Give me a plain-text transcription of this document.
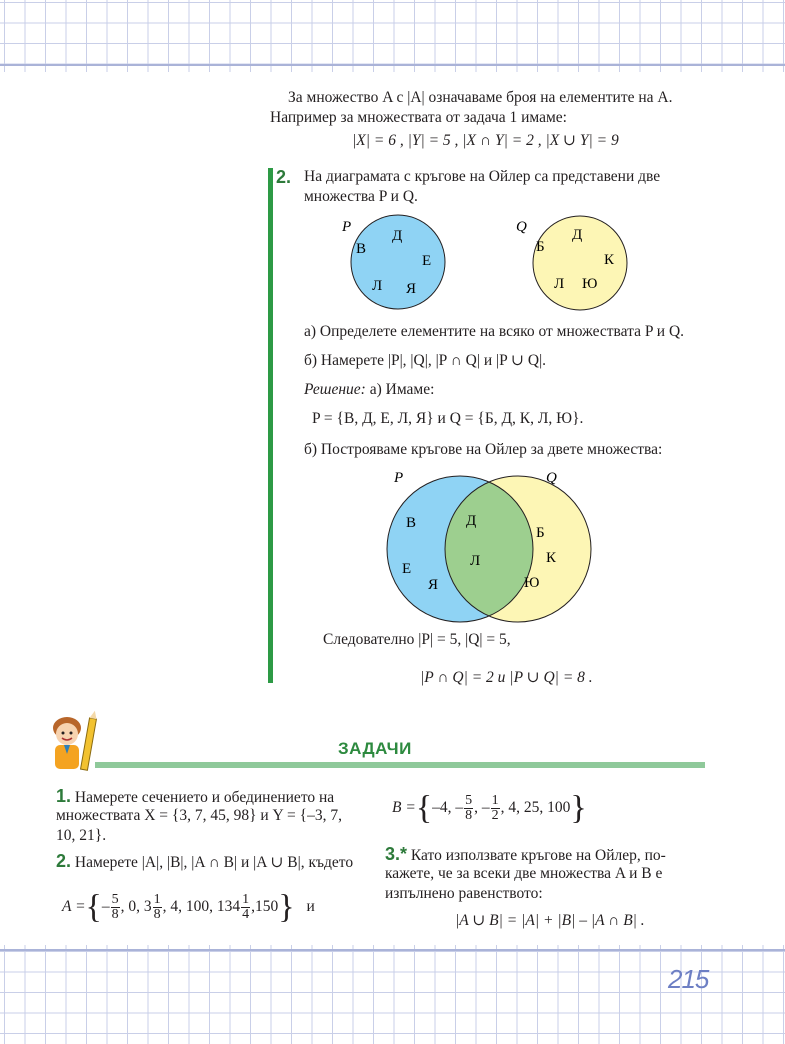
За множество A с |A| означаваме броя на елементите на A.

Например за множествата от задача 1 имаме:

|X| = 6 , |Y| = 5 , |X ∩ Y| = 2 , |X ∪ Y| = 9

2. На диаграмата с кръгове на Ойлер са представени две

множества P и Q.

P	Q
В
Д
Е
Л Я
Б
Д
К
Л Ю

а) Определете елементите на всяко от множествата P и Q.

б) Намерете |P|, |Q|, |P ∩ Q| и |P ∪ Q|.

Решение: а) Имаме:

P = {В, Д, Е, Л, Я} и Q = {Б, Д, К, Л, Ю}.

б) Построяваме кръгове на Ойлер за двете множества:

P	Q
В
Е
Я
Д
Л
Б
К
Ю

Следователно |P| = 5, |Q| = 5,

|P ∩ Q| = 2 и |P ∪ Q| = 8 .

ЗАДАЧИ

1. Намерете сечението и обединението на

множествата X = {3, 7, 45, 98} и Y = {–3, 7,

10, 21}.

2. Намерете |A|, |B|, |A ∩ B| и |A ∪ B|, където

A ={– $\frac{5}{8}$ , 0, $3 \frac{1}{8}$ , 4, 100, $134 \frac{1}{4} ,150$} и
B ={–4, – $\frac{5}{8}$ , – $\frac{1}{2}$ , 4, 25, 100}

3.* Като използвате кръгове на Ойлер, по-

кажете, че за всеки две множества A и B е

изпълнено равенството:

|A ∪ B| = |A| + |B| – |A ∩ B| .

215
